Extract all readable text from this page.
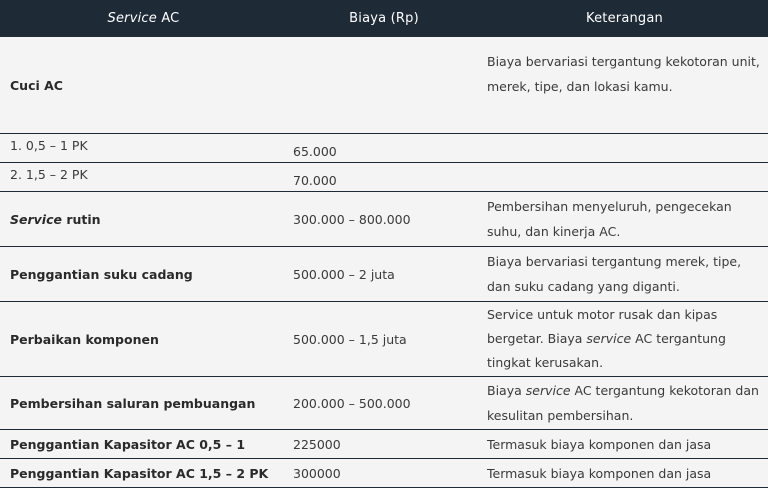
Service AC	Biaya (Rp)	Keterangan
Cuci AC		Biaya bervariasi tergantung kekotoran unit, merek, tipe, dan lokasi kamu.
1. 0,5 – 1 PK	65.000	
2. 1,5 – 2 PK	70.000	
Service rutin	300.000 – 800.000	Pembersihan menyeluruh, pengecekan suhu, dan kinerja AC.
Penggantian suku cadang	500.000 – 2 juta	Biaya bervariasi tergantung merek, tipe, dan suku cadang yang diganti.
Perbaikan komponen	500.000 – 1,5 juta	Service untuk motor rusak dan kipas bergetar. Biaya service AC tergantung tingkat kerusakan.
Pembersihan saluran pembuangan	200.000 – 500.000	Biaya service AC tergantung kekotoran dan kesulitan pembersihan.
Penggantian Kapasitor AC 0,5 – 1	225000	Termasuk biaya komponen dan jasa
Penggantian Kapasitor AC 1,5 – 2 PK	300000	Termasuk biaya komponen dan jasa
